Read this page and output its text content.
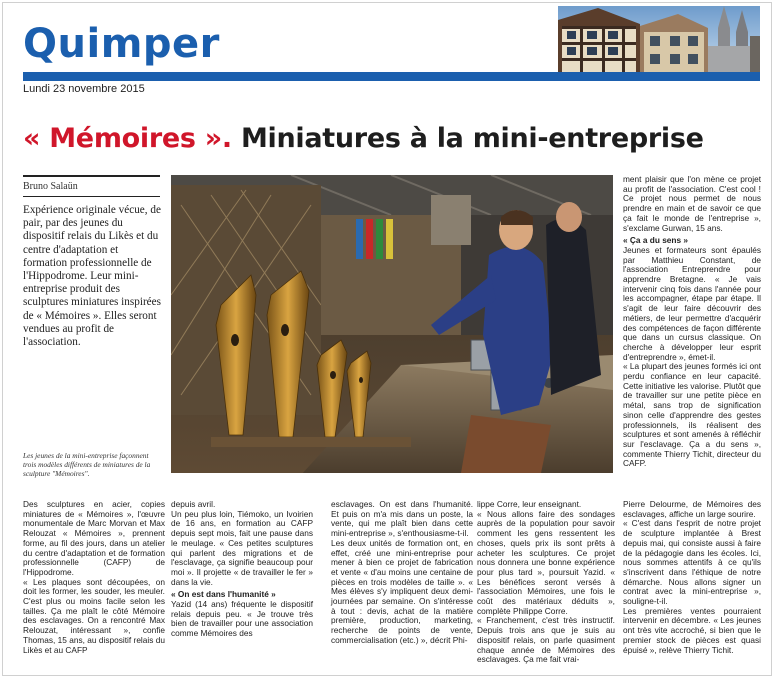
Quimper
Lundi 23 novembre 2015
« Mémoires ». Miniatures à la mini-entreprise
Bruno Salaün
Expérience originale vécue, de pair, par des jeunes du dispositif relais du Likès et du centre d'adaptation et formation professionnelle de l'Hippodrome. Leur mini-entreprise produit des sculptures miniatures inspirées de « Mémoires ». Elles seront vendues au profit de l'association.
Les jeunes de la mini-entreprise façonnent trois modèles différents de miniatures de la sculpture "Mémoires".

ment plaisir que l'on mène ce projet au profit de l'association. C'est cool ! Ce projet nous permet de nous prendre en main et de savoir ce que ça fait le monde de l'entreprise », s'exclame Gurwan, 15 ans.

« Ça a du sens »

Jeunes et formateurs sont épaulés par Matthieu Constant, de l'association Entreprendre pour apprendre Bretagne. « Je vais intervenir cinq fois dans l'année pour les accompagner, étape par étape. Il s'agit de leur faire découvrir des métiers, de leur permettre d'acquérir des compétences de façon différente que dans un cursus classique. On cherche à développer leur esprit d'entreprendre », émet-il.

« La plupart des jeunes formés ici ont perdu confiance en leur capacité. Cette initiative les valorise. Plutôt que de travailler sur une petite pièce en métal, sans trop de signification sinon celle d'apprendre des gestes professionnels, ils réalisent des sculptures et sont amenés à réfléchir sur l'esclavage. Ça a du sens », commente Thierry Tichit, directeur du CAFP.

Des sculptures en acier, copies miniatures de « Mémoires », l'œuvre monumentale de Marc Morvan et Max Relouzat « Mémoires », prennent forme, au fil des jours, dans un atelier du centre d'adaptation et de formation professionnelle (CAFP) de l'Hippodrome.

« Les plaques sont découpées, on doit les former, les souder, les meuler. C'est plus ou moins facile selon les tailles. Ça me plaît le côté Mémoire des esclavages. On a rencontré Max Relouzat, intéressant », confie Thomas, 15 ans, au dispositif relais du Likès et au CAFP

depuis avril.

Un peu plus loin, Tiémoko, un Ivoirien de 16 ans, en formation au CAFP depuis sept mois, fait une pause dans le meulage. « Ces petites sculptures qui parlent des migrations et de l'esclavage, ça signifie beaucoup pour moi ». Il projette « de travailler le fer » dans la vie.

« On est dans l'humanité »

Yazid (14 ans) fréquente le dispositif relais depuis peu. « Je trouve très bien de travailler pour une association comme Mémoires des

esclavages. On est dans l'humanité. Et puis on m'a mis dans un poste, la vente, qui me plaît bien dans cette mini-entreprise », s'enthousiasme-t-il.

Les deux unités de formation ont, en effet, créé une mini-entreprise pour mener à bien ce projet de fabrication et vente « d'au moins une centaine de pièces en trois modèles de taille ». « Mes élèves s'y impliquent deux demi-journées par semaine. On s'intéresse à tout : devis, achat de la matière première, production, marketing, recherche de points de vente, commercialisation (etc.) », décrit Phi-

lippe Corre, leur enseignant.

« Nous allons faire des sondages auprès de la population pour savoir comment les gens ressentent les choses, quels prix ils sont prêts à acheter les sculptures. Ce projet nous donnera une bonne expérience pour plus tard », poursuit Yazid. « Les bénéfices seront versés à l'association Mémoires, une fois le coût des matériaux déduits », complète Philippe Corre.

« Franchement, c'est très instructif. Depuis trois ans que je suis au dispositif relais, on parle quasiment chaque année de Mémoires des esclavages. Ça me fait vrai-

Pierre Delourme, de Mémoires des esclavages, affiche un large sourire.

« C'est dans l'esprit de notre projet de sculpture implantée à Brest depuis mai, qui consiste aussi à faire de la pédagogie dans les écoles. Ici, nous sommes attentifs à ce qu'ils s'inscrivent dans l'éthique de notre démarche. Nous allons signer un contrat avec la mini-entreprise », souligne-t-il.

Les premières ventes pourraient intervenir en décembre. « Les jeunes ont très vite accroché, si bien que le premier stock de pièces est quasi épuisé », relève Thierry Tichit.
